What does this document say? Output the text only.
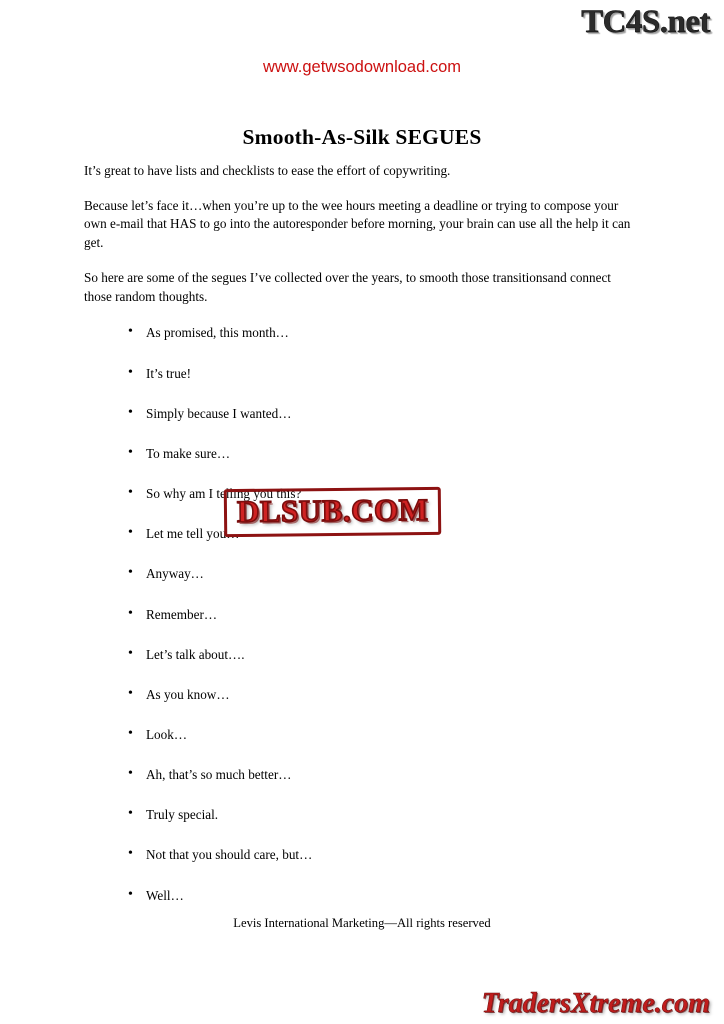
TC4S.net
www.getwsodownload.com
Smooth-As-Silk SEGUES

It’s great to have lists and checklists to ease the effort of copywriting.

Because let’s face it…when you’re up to the wee hours meeting a deadline or trying to compose your own e-mail that HAS to go into the autoresponder before morning, your brain can use all the help it can get.

So here are some of the segues I’ve collected over the years, to smooth those transitionsand connect those random thoughts.

• As promised, this month…
• It’s true!
• Simply because I wanted…
• To make sure…
• So why am I telling you this?
• Let me tell you…
• Anyway…
• Remember…
• Let’s talk about….
• As you know…
• Look…
• Ah, that’s so much better…
• Truly special.
• Not that you should care, but…
• Well…
Levis International Marketing—All rights reserved
DLSUB.COM
TradersXtreme.com
